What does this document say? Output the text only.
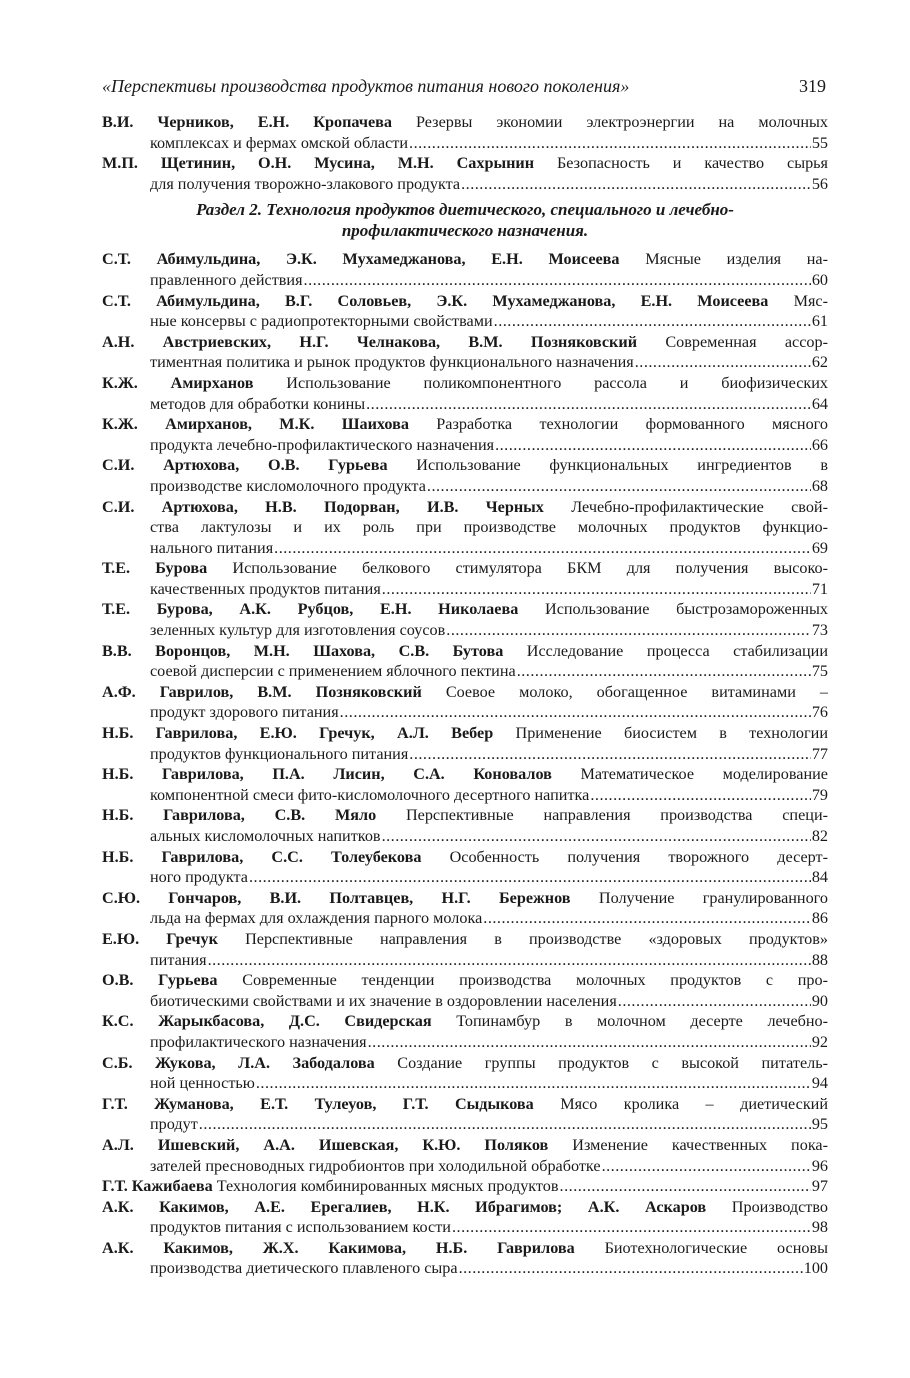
«Перспективы производства продуктов питания нового поколения»	319
В.И. Черников, Е.Н. Кропачева Резервы экономии электроэнергии на молочных
комплексах и фермах омской области .....	55
М.П. Щетинин, О.Н. Мусина, М.Н. Сахрынин Безопасность и качество сырья
для получения творожно-злакового продукта .....	56
Раздел 2. Технология продуктов диетического, специального и лечебно-
профилактического назначения.
С.Т. Абимульдина, Э.К. Мухамеджанова, Е.Н. Моисеева Мясные изделия на-
правленного действия .....	60
С.Т. Абимульдина, В.Г. Соловьев, Э.К. Мухамеджанова, Е.Н. Моисеева Мяс-
ные консервы с радиопротекторными свойствами .....	61
А.Н. Австриевских, Н.Г. Челнакова, В.М. Позняковский Современная ассор-
тиментная политика и рынок продуктов функционального назначения .....	62
К.Ж. Амирханов Использование поликомпонентного рассола и биофизических
методов для обработки конины .....	64
К.Ж. Амирханов, М.К. Шаихова Разработка технологии формованного мясного
продукта лечебно-профилактического назначения .....	66
С.И. Артюхова, О.В. Гурьева Использование функциональных ингредиентов в
производстве кисломолочного продукта .....	68
С.И. Артюхова, Н.В. Подорван, И.В. Черных Лечебно-профилактические свой-
ства лактулозы и их роль при производстве молочных продуктов функцио-
нального питания .....	69
Т.Е. Бурова Использование белкового стимулятора БКМ для получения высоко-
качественных продуктов питания .....	71
Т.Е. Бурова, А.К. Рубцов, Е.Н. Николаева Использование быстрозамороженных
зеленных культур для изготовления соусов .....	73
В.В. Воронцов, М.Н. Шахова, С.В. Бутова Исследование процесса стабилизации
соевой дисперсии с применением яблочного пектина .....	75
А.Ф. Гаврилов, В.М. Позняковский Соевое молоко, обогащенное витаминами –
продукт здорового питания .....	76
Н.Б. Гаврилова, Е.Ю. Гречук, А.Л. Вебер Применение биосистем в технологии
продуктов функционального питания .....	77
Н.Б. Гаврилова, П.А. Лисин, С.А. Коновалов Математическое моделирование
компонентной смеси фито-кисломолочного десертного напитка .....	79
Н.Б. Гаврилова, С.В. Мяло Перспективные направления производства специ-
альных кисломолочных напитков .....	82
Н.Б. Гаврилова, С.С. Толеубекова Особенность получения творожного десерт-
ного продукта .....	84
С.Ю. Гончаров, В.И. Полтавцев, Н.Г. Бережнов Получение гранулированного
льда на фермах для охлаждения парного молока .....	86
Е.Ю. Гречук Перспективные направления в производстве «здоровых продуктов»
питания .....	88
О.В. Гурьева Современные тенденции производства молочных продуктов с про-
биотическими свойствами и их значение в оздоровлении населения .....	90
К.С. Жарыкбасова, Д.С. Свидерская Топинамбур в молочном десерте лечебно-
профилактического назначения .....	92
С.Б. Жукова, Л.А. Забодалова Создание группы продуктов с высокой питатель-
ной ценностью .....	94
Г.Т. Жуманова, Е.Т. Тулеуов, Г.Т. Сыдыкова Мясо кролика – диетический
продут .....	95
А.Л. Ишевский, А.А. Ишевская, К.Ю. Поляков Изменение качественных пока-
зателей пресноводных гидробионтов при холодильной обработке .....	96
Г.Т. Кажибаева Технология комбинированных мясных продуктов .....	97
А.К. Какимов, А.Е. Ерегалиев, Н.К. Ибрагимов; А.К. Аскаров Производство
продуктов питания с использованием кости .....	98
А.К. Какимов, Ж.Х. Какимова, Н.Б. Гаврилова Биотехнологические основы
производства диетического плавленого сыра .....	100
